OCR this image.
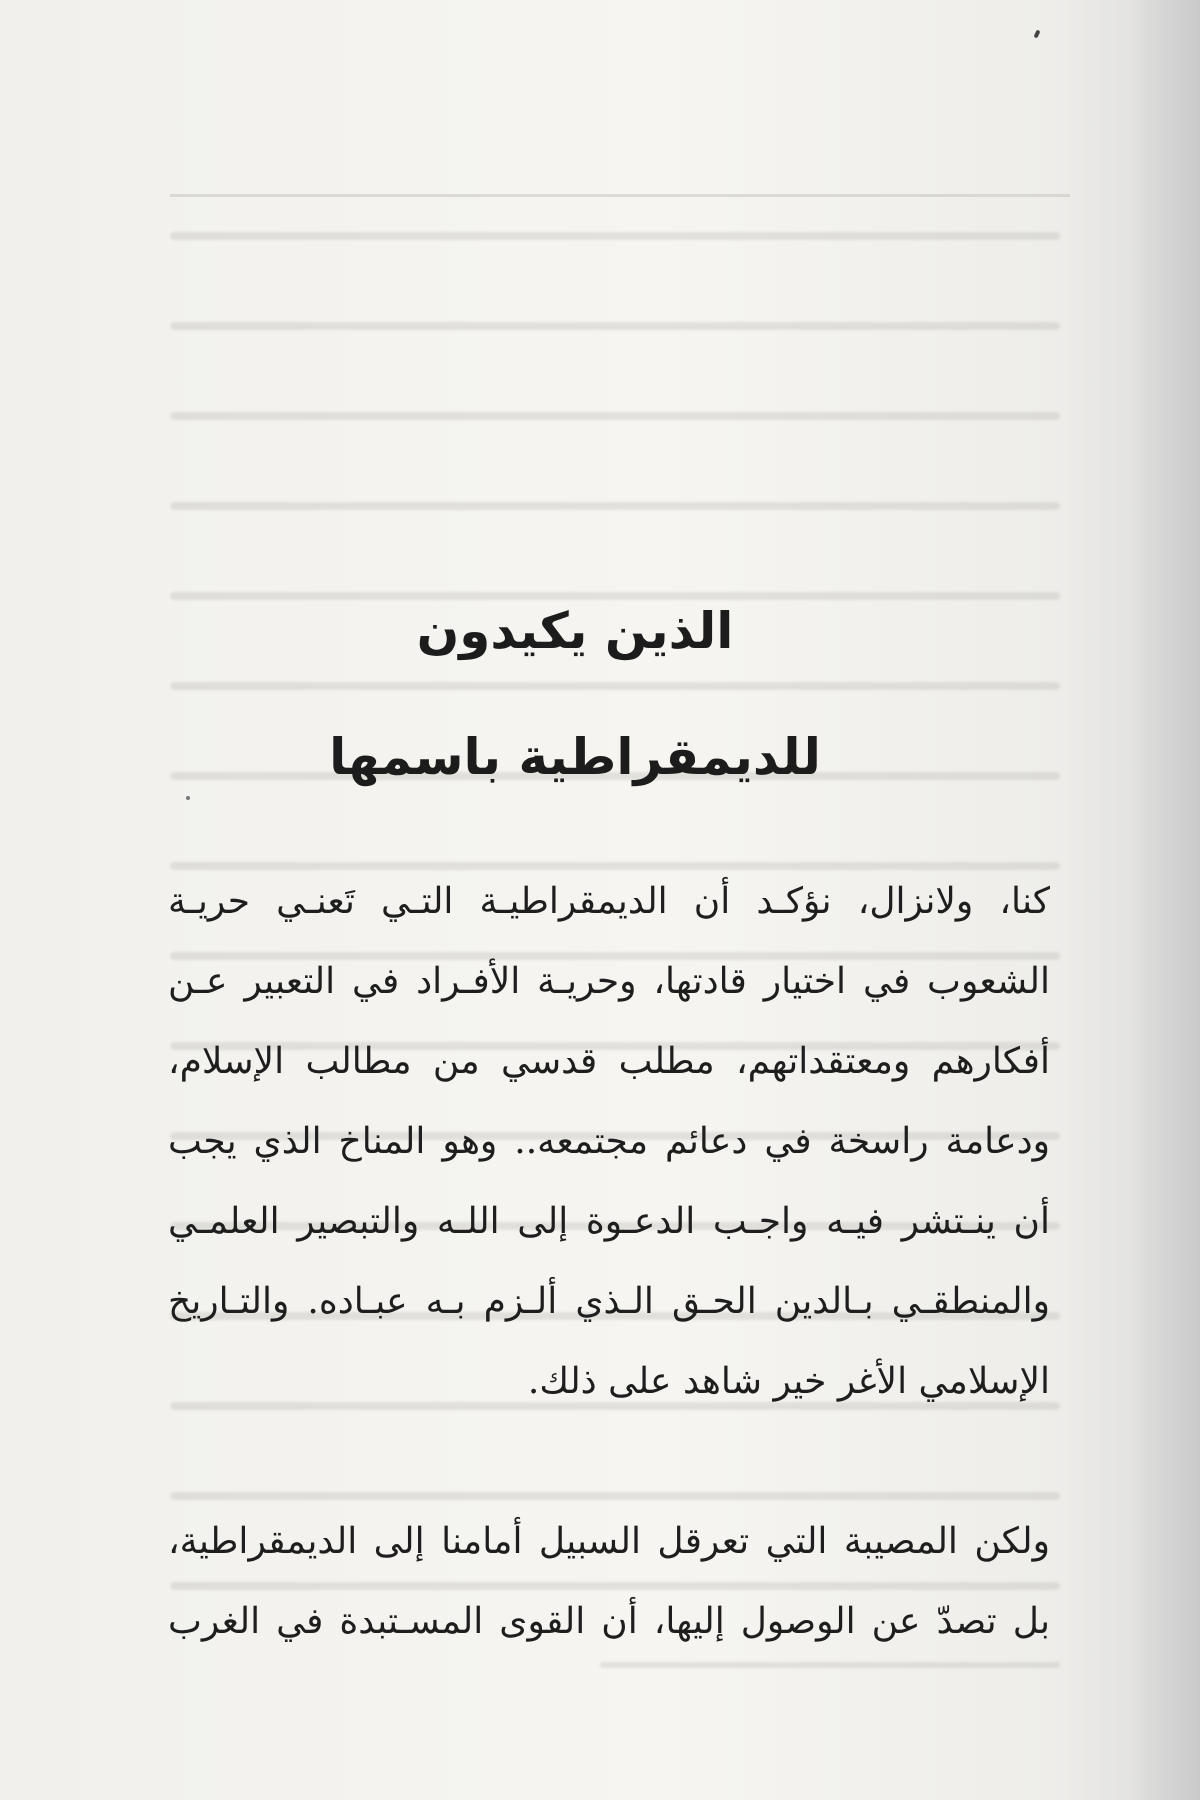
الذين يكيدون
للديمقراطية باسمها
كنا، ولانزال، نؤكـد أن الديمقراطيـة التـي تَعنـي حريـة
الشعوب في اختيار قادتها، وحريـة الأفـراد في التعبير عـن
أفكارهم ومعتقداتهم، مطلب قدسي من مطالب الإسلام،
ودعامة راسخة في دعائم مجتمعه.. وهو المناخ الذي يجب
أن ينـتشر فيـه واجـب الدعـوة إلى اللـه والتبصير العلمـي
والمنطقـي بـالدين الحـق الـذي ألـزم بـه عبـاده. والتـاريخ
الإسلامي الأغر خير شاهد على ذلك.
ولكن المصيبة التي تعرقل السبيل أمامنا إلى الديمقراطية،
بل تصدّ عن الوصول إليها، أن القوى المسـتبدة في الغرب
